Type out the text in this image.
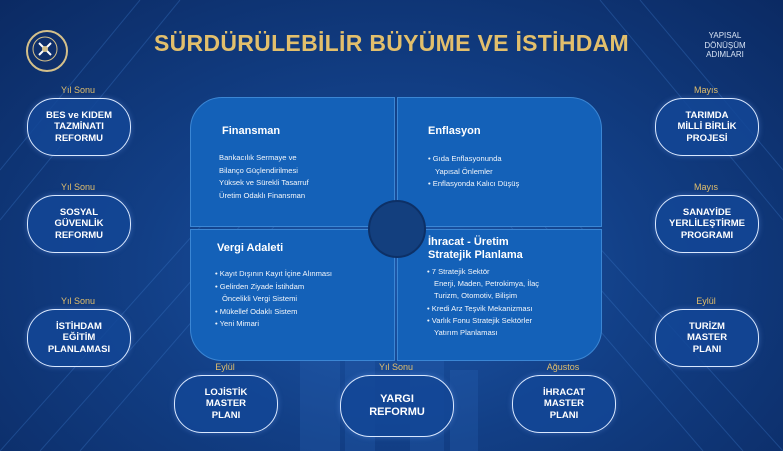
SÜRDÜRÜLEBİLİR BÜYÜME VE İSTİHDAM	YAPISAL
DÖNÜŞÜM
ADIMLARI
Finansman
Bankacılık Sermaye ve
Bilanço Güçlendirilmesi
Yüksek ve Sürekli Tasarruf
Üretim Odaklı Finansman
Enflasyon
• Gıda Enflasyonunda
Yapısal Önlemler
• Enflasyonda Kalıcı Düşüş
Vergi Adaleti
• Kayıt Dışının Kayıt İçine Alınması
• Gelirden Ziyade İstihdam
Öncelikli Vergi Sistemi
• Mükellef Odaklı Sistem
• Yeni Mimari
İhracat - Üretim
Stratejik Planlama
• 7 Stratejik Sektör
Enerji, Maden, Petrokimya, İlaç
Turizm, Otomotiv, Bilişim
• Kredi Arz Teşvik Mekanizması
• Varlık Fonu Stratejik Sektörler
Yatırım Planlaması
Yıl Sonu
BES ve KIDEM
TAZMİNATI
REFORMU
Yıl Sonu
SOSYAL
GÜVENLİK
REFORMU
Yıl Sonu
İSTİHDAM
EĞİTİM
PLANLAMASI
Mayıs
TARIMDA
MİLLİ BİRLİK
PROJESİ
Mayıs
SANAYİDE
YERLİLEŞTİRME
PROGRAMI
Eylül
TURİZM
MASTER
PLANI
Eylül
LOJİSTİK
MASTER
PLANI
Yıl Sonu
YARGI
REFORMU
Ağustos
İHRACAT
MASTER
PLANI
